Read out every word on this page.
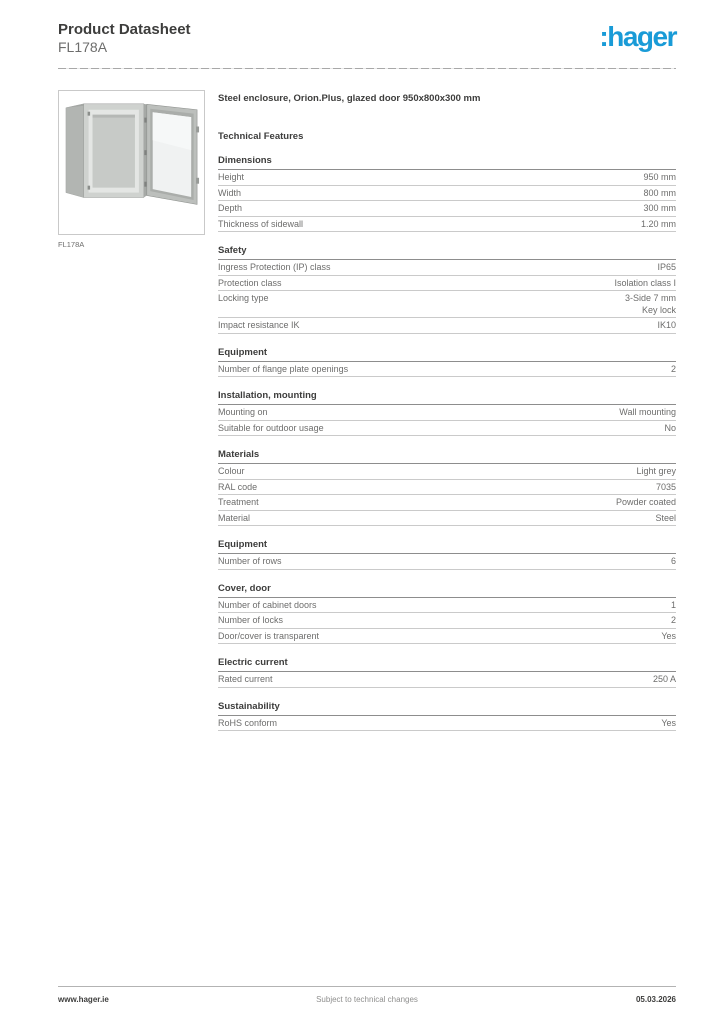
Product Datasheet
FL178A	:hager
FL178A
Steel enclosure, Orion.Plus, glazed door 950x800x300 mm
Technical Features
Dimensions
Height	950 mm
Width	800 mm
Depth	300 mm
Thickness of sidewall	1.20 mm
Safety
Ingress Protection (IP) class	IP65
Protection class	Isolation class I
Locking type	3-Side 7 mm
Key lock
Impact resistance IK	IK10
Equipment
Number of flange plate openings	2
Installation, mounting
Mounting on	Wall mounting
Suitable for outdoor usage	No
Materials
Colour	Light grey
RAL code	7035
Treatment	Powder coated
Material	Steel
Equipment
Number of rows	6
Cover, door
Number of cabinet doors	1
Number of locks	2
Door/cover is transparent	Yes
Electric current
Rated current	250 A
Sustainability
RoHS conform	Yes
www.hager.ie	Subject to technical changes	05.03.2026
